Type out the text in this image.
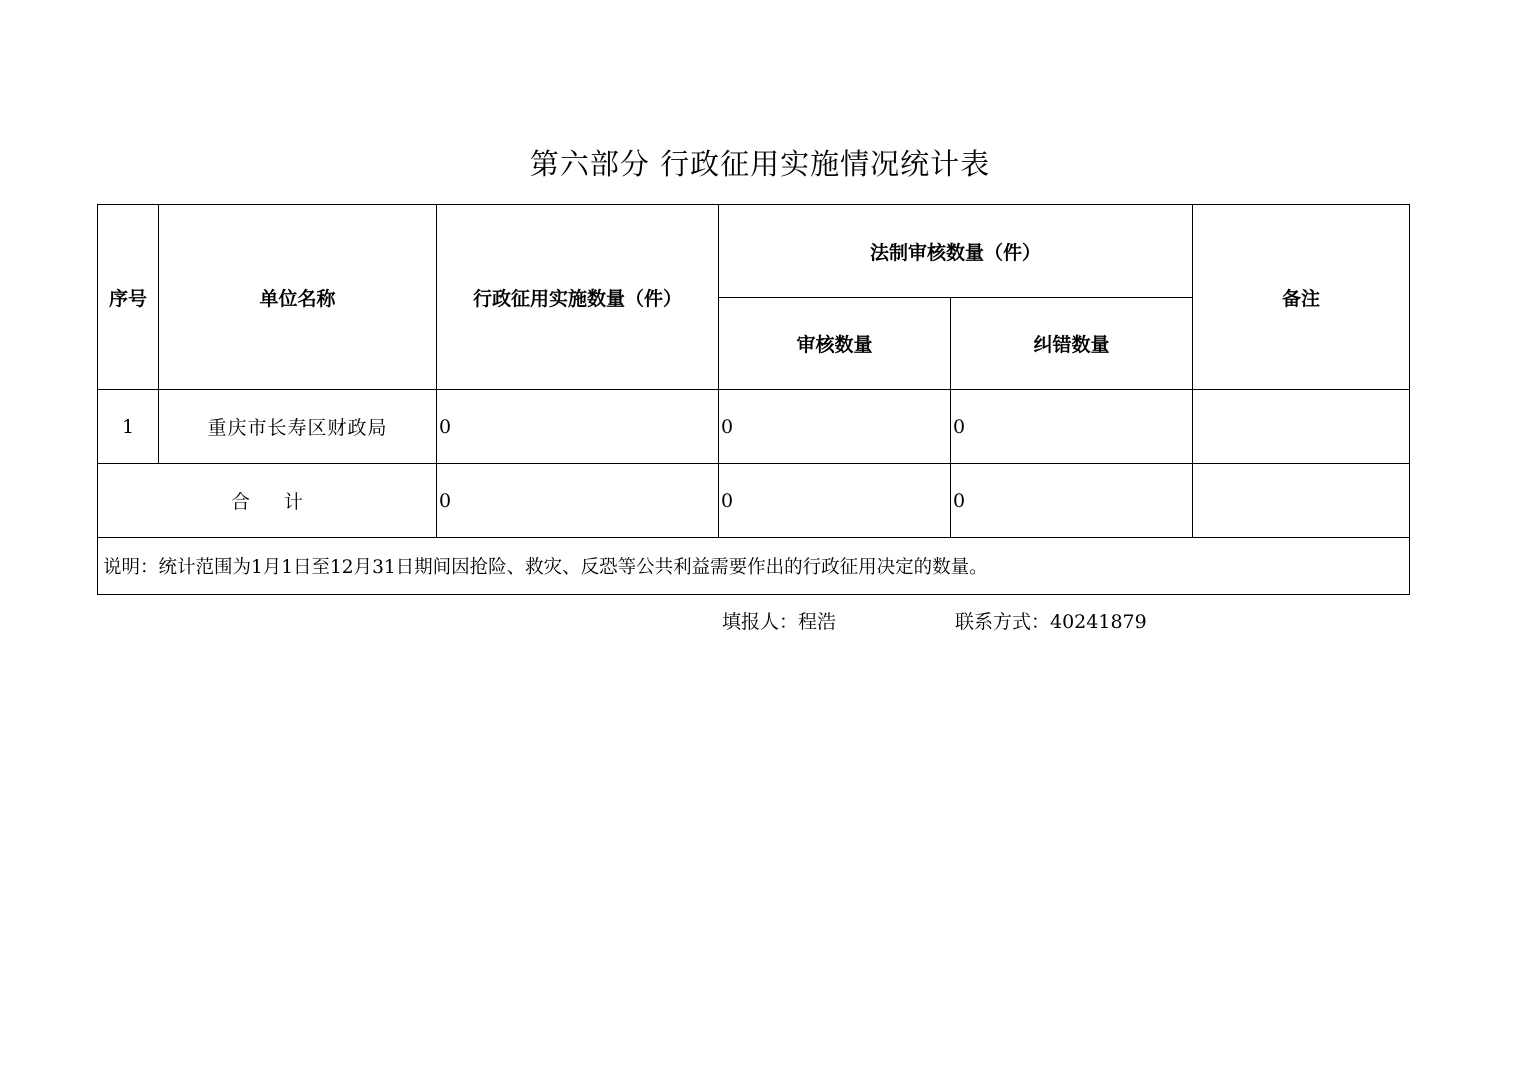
第六部分 行政征用实施情况统计表
序号	单位名称	行政征用实施数量（件）	法制审核数量（件）		备注
			审核数量	纠错数量	
1	重庆市长寿区财政局	0	0	0	
合 计		0	0	0	
说明：统计范围为1月1日至12月31日期间因抢险、救灾、反恐等公共利益需要作出的行政征用决定的数量。					
填报人：程浩	联系方式：40241879
